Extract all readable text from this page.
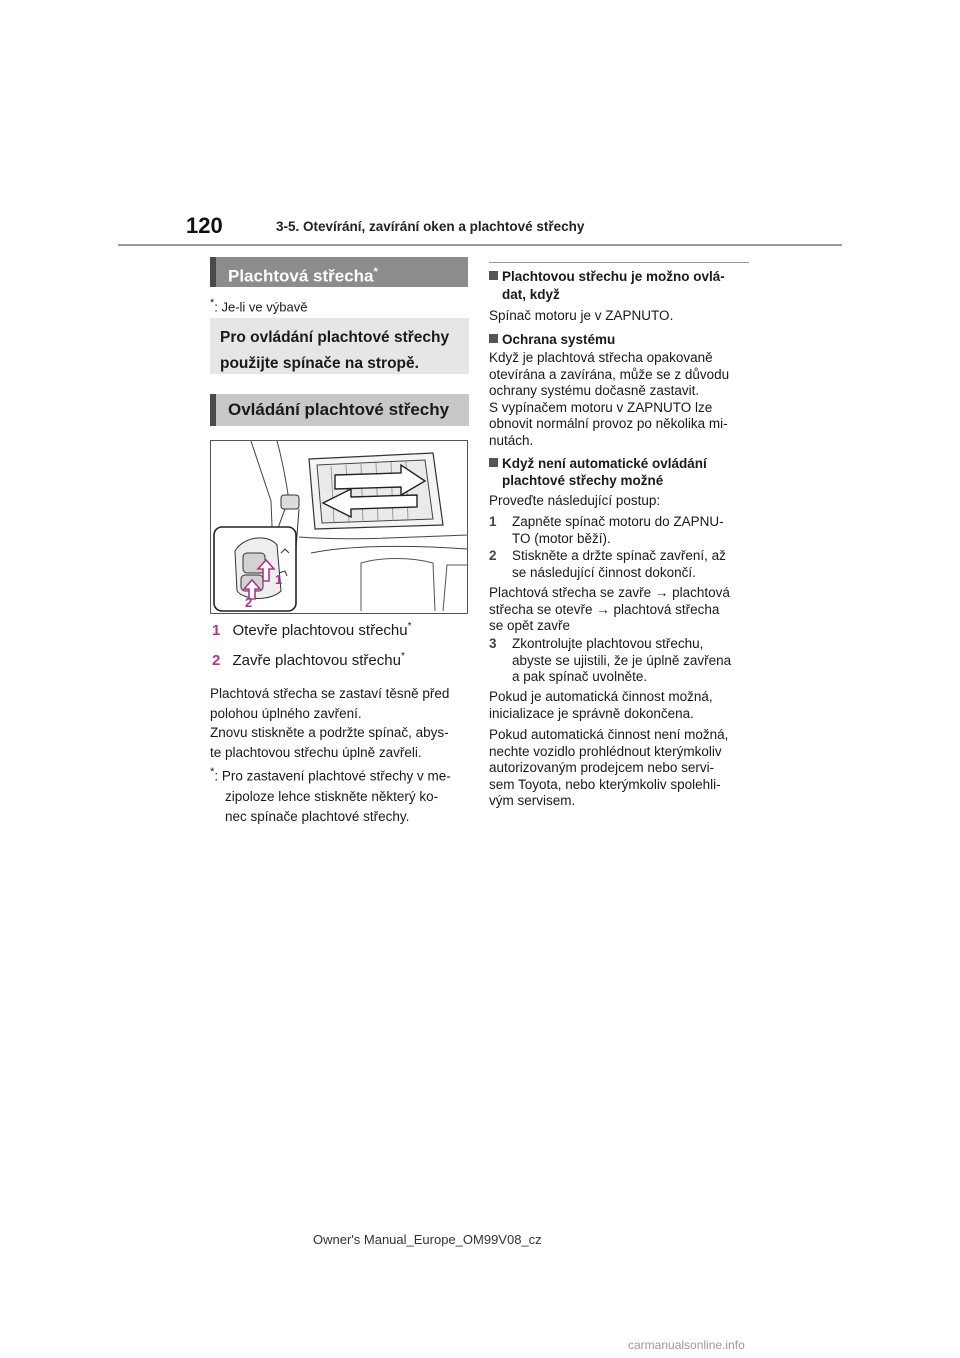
120	3-5. Otevírání, zavírání oken a plachtové střechy
Plachtová střecha*
*: Je-li ve výbavě
Pro ovládání plachtové střechy
použijte spínače na stropě.
Ovládání plachtové střechy
1
2
1 Otevře plachtovou střechu*
2 Zavře plachtovou střechu*
Plachtová střecha se zastaví těsně před
polohou úplného zavření.
Znovu stiskněte a podržte spínač, abys-
te plachtovou střechu úplně zavřeli.
*: Pro zastavení plachtové střechy v me-
zipoloze lehce stiskněte některý ko-
nec spínače plachtové střechy.
Plachtovou střechu je možno ovlá-
dat, když
Spínač motoru je v ZAPNUTO.
Ochrana systému
Když je plachtová střecha opakovaně
otevírána a zavírána, může se z důvodu
ochrany systému dočasně zastavit.
S vypínačem motoru v ZAPNUTO lze
obnovit normální provoz po několika mi-
nutách.
Když není automatické ovládání
plachtové střechy možné
Proveďte následující postup:
1 Zapněte spínač motoru do ZAPNU-
TO (motor běží).
2 Stiskněte a držte spínač zavření, až
se následující činnost dokončí.
Plachtová střecha se zavře → plachtová
střecha se otevře → plachtová střecha
se opět zavře
3 Zkontrolujte plachtovou střechu,
abyste se ujistili, že je úplně zavřena
a pak spínač uvolněte.
Pokud je automatická činnost možná,
inicializace je správně dokončena.
Pokud automatická činnost není možná,
nechte vozidlo prohlédnout kterýmkoliv
autorizovaným prodejcem nebo servi-
sem Toyota, nebo kterýmkoliv spolehli-
vým servisem.
Owner's Manual_Europe_OM99V08_cz
carmanualsonline.info
